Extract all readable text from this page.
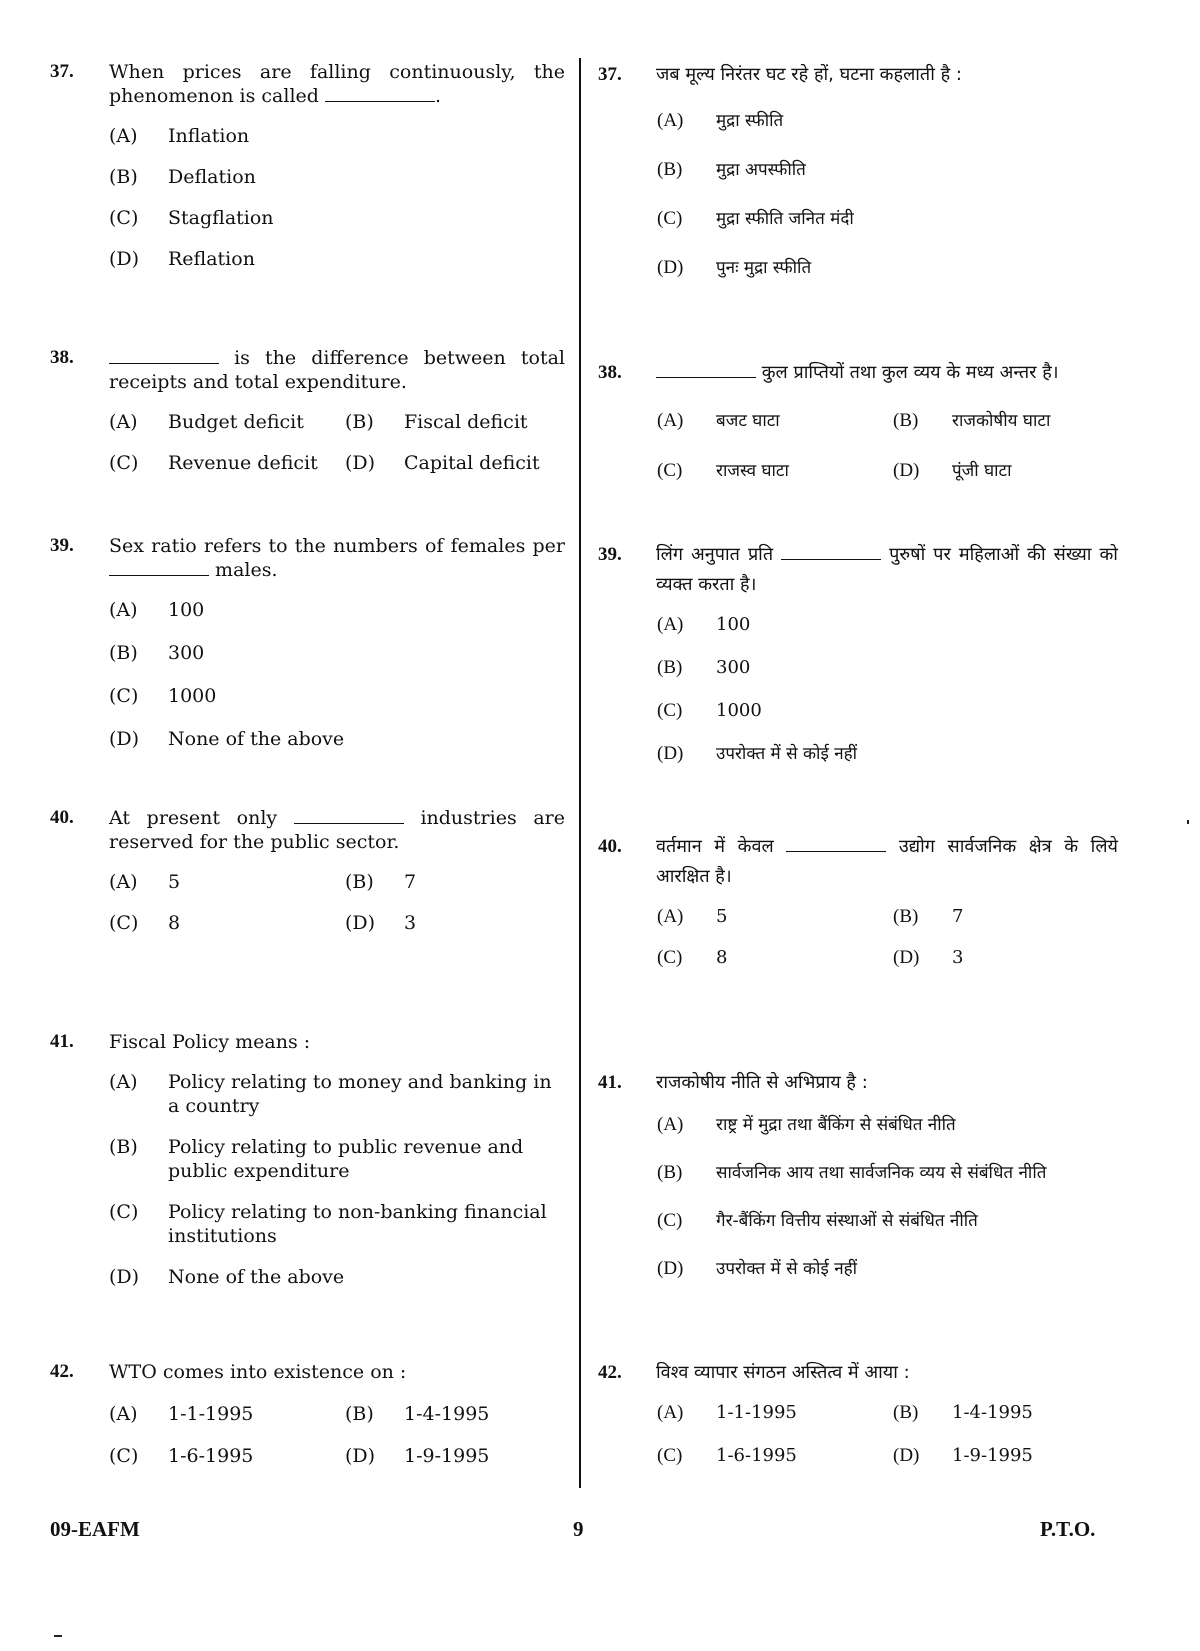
37. When prices are falling continuously, the phenomenon is called	.
(A)	Inflation
(B)	Deflation
(C)	Stagflation
(D)	Reflation
38.	is the difference between total receipts and total expenditure.
(A)	Budget deficit	(B)	Fiscal deficit
(C)	Revenue deficit	(D)	Capital deficit
39. Sex ratio refers to the numbers of females per  males.
(A)	100
(B)	300
(C)	1000
(D)	None of the above
40. At present only	industries are reserved for the public sector.
(A)	5	(B)	7
(C)	8	(D)	3
41. Fiscal Policy means :
(A)	Policy relating to money and banking in a country
(B)	Policy relating to public revenue and public expenditure
(C)	Policy relating to non-banking financial institutions
(D)	None of the above
42. WTO comes into existence on :
(A)	1-1-1995	(B)	1-4-1995
(C)	1-6-1995	(D)	1-9-1995
37. जब मूल्य निरंतर घट रहे हों, घटना कहलाती है :
(A)	मुद्रा स्फीति
(B)	मुद्रा अपस्फीति
(C)	मुद्रा स्फीति जनित मंदी
(D)	पुनः मुद्रा स्फीति
38.	कुल प्राप्तियों तथा कुल व्यय के मध्य अन्तर है।
(A)	बजट घाटा	(B)	राजकोषीय घाटा
(C)	राजस्व घाटा	(D)	पूंजी घाटा
39. लिंग अनुपात प्रति	पुरुषों पर महिलाओं की संख्या को व्यक्त करता है।
(A)	100
(B)	300
(C)	1000
(D)	उपरोक्त में से कोई नहीं
40. वर्तमान में केवल	उद्योग सार्वजनिक क्षेत्र के लिये आरक्षित है।
(A)	5	(B)	7
(C)	8	(D)	3
41. राजकोषीय नीति से अभिप्राय है :
(A)	राष्ट्र में मुद्रा तथा बैंकिंग से संबंधित नीति
(B)	सार्वजनिक आय तथा सार्वजनिक व्यय से संबंधित नीति
(C)	गैर-बैंकिंग वित्तीय संस्थाओं से संबंधित नीति
(D)	उपरोक्त में से कोई नहीं
42. विश्व व्यापार संगठन अस्तित्व में आया :
(A)	1-1-1995	(B)	1-4-1995
(C)	1-6-1995	(D)	1-9-1995
09-EAFM	9	P.T.O.
